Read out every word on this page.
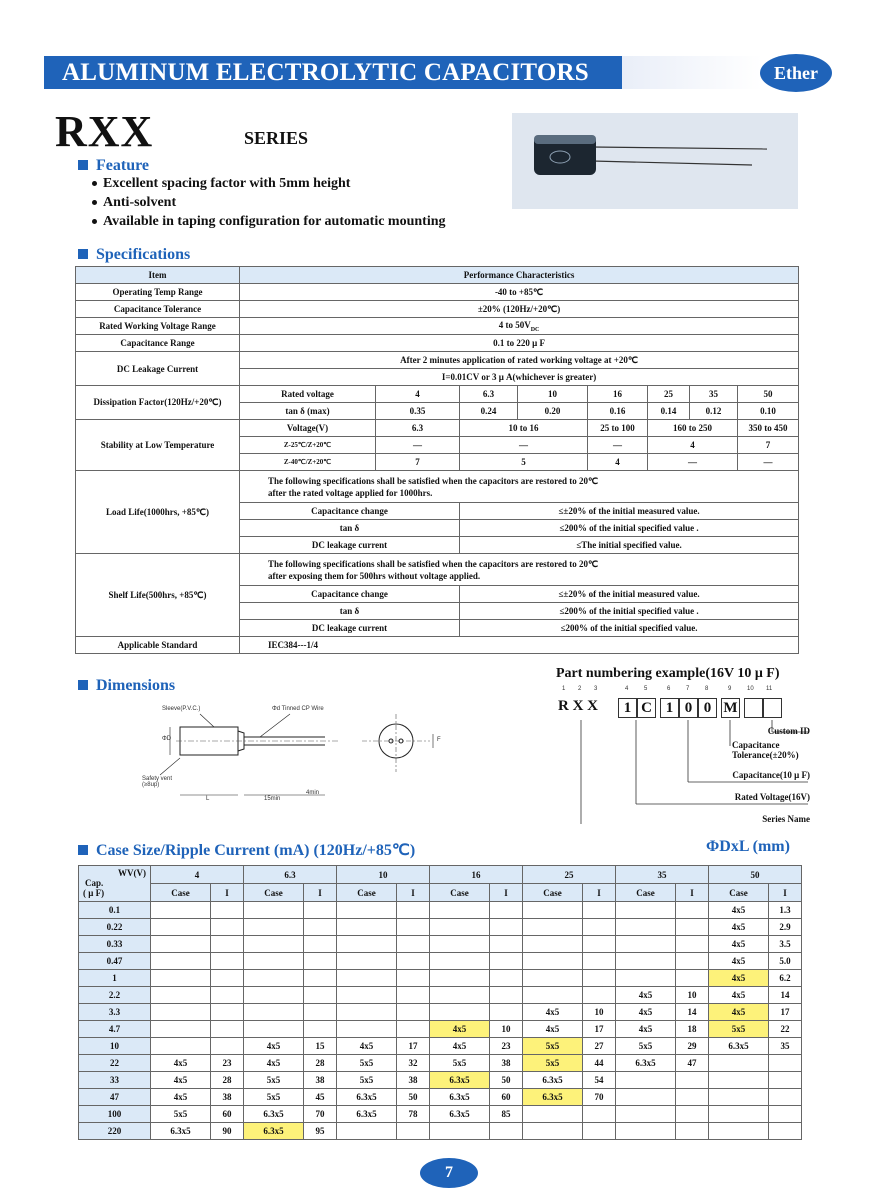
ALUMINUM ELECTROLYTIC CAPACITORS	Ether
RXX	SERIES
Feature
Excellent spacing factor with 5mm height
Anti-solvent
Available in taping configuration for automatic mounting
Specifications
Item	Performance Characteristics							
Operating Temp Range	-40 to +85℃							
Capacitance Tolerance	±20% (120Hz/+20℃)							
Rated Working Voltage Range	4 to $50V_{DC}$
Capacitance Range	0.1 to 220 μ F							
DC Leakage Current	After 2 minutes application of rated working voltage at +20℃							
	I=0.01CV or 3 μ A(whichever is greater)							
Dissipation Factor(120Hz/+20℃)	Rated voltage	4	6.3	10	16	25	35	50
	tan δ (max)	0.35	0.24	0.20	0.16	0.14	0.12	0.10
Stability at Low Temperature	Voltage(V)	6.3	10 to 16		25 to 100	160 to 250		350 to 450
	Z-25℃/Z+20℃	—	—		—	4		7
	Z-40℃/Z+20℃	7	5		4	—		—
Load Life(1000hrs, +85℃)	The following specifications shall be satisfied when the capacitors are restored to 20℃
after the rated voltage applied for 1000hrs.							
	Capacitance change		≤±20% of the initial measured value.					
	tan δ		≤200% of the initial specified value .					
	DC leakage current		≤The initial specified value.					
Shelf Life(500hrs, +85℃)	The following specifications shall be satisfied when the capacitors are restored to 20℃
after exposing them for 500hrs without voltage applied.							
	Capacitance change		≤±20% of the initial measured value.					
	tan δ		≤200% of the initial specified value .					
	DC leakage current		≤200% of the initial specified value.					
Applicable Standard	IEC384---1/4							
Dimensions
Sleeve(P.V.C.)	Φd Tinned CP Wire
Safety vent (≥8up)
ΦD
L	15min
4min
F
Part numbering example(16V 10 μ F)
1 2 3	4	5	6	7	8	9	10 11
R X X	1 C 1 0 0 M
Custom ID
Capacitance Tolerance(±20%)
Capacitance(10 μ F)
Rated Voltage(16V)
Series Name
Case Size/Ripple Current (mA) (120Hz/+85℃)	ΦDxL (mm)
WV(V)
Cap.
( μ F)	4		6.3		10		16		25		35		50	
	Case	I	Case	I	Case	I	Case	I	Case	I	Case	I	Case	I
0.1													4x5	1.3
0.22													4x5	2.9
0.33													4x5	3.5
0.47													4x5	5.0
1													4x5	6.2
2.2											4x5	10	4x5	14
3.3									4x5	10	4x5	14	4x5	17
4.7							4x5	10	4x5	17	4x5	18	5x5	22
10			4x5	15	4x5	17	4x5	23	5x5	27	5x5	29	6.3x5	35
22	4x5	23	4x5	28	5x5	32	5x5	38	5x5	44	6.3x5	47		
33	4x5	28	5x5	38	5x5	38	6.3x5	50	6.3x5	54				
47	4x5	38	5x5	45	6.3x5	50	6.3x5	60	6.3x5	70				
100	5x5	60	6.3x5	70	6.3x5	78	6.3x5	85						
220	6.3x5	90	6.3x5	95										
7
